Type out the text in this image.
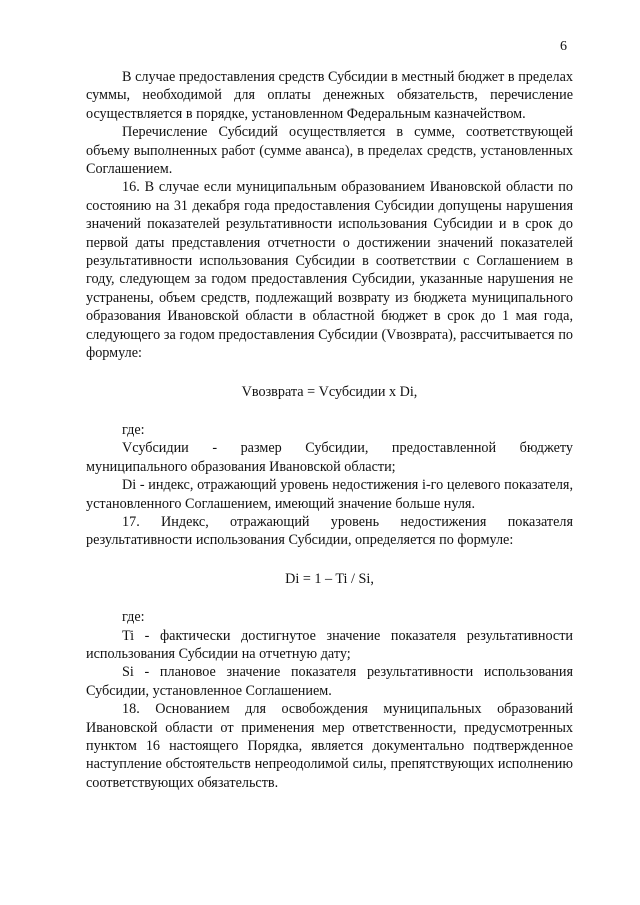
6

В случае предоставления средств Субсидии в местный бюджет в пределах суммы, необходимой для оплаты денежных обязательств, перечисление осуществляется в порядке, установленном Федеральным казначейством.

Перечисление Субсидий осуществляется в сумме, соответствующей объему выполненных работ (сумме аванса), в пределах средств, установленных Соглашением.

16. В случае если муниципальным образованием Ивановской области по состоянию на 31 декабря года предоставления Субсидии допущены нарушения значений показателей результативности использования Субсидии и в срок до первой даты представления отчетности о достижении значений показателей результативности использования Субсидии в соответствии с Соглашением в году, следующем за годом предоставления Субсидии, указанные нарушения не устранены, объем средств, подлежащий возврату из бюджета муниципального образования Ивановской области в областной бюджет в срок до 1 мая года, следующего за годом предоставления Субсидии (Vвозврата), рассчитывается по формуле:

Vвозврата = Vсубсидии x Di,

где:

Vсубсидии - размер Субсидии, предоставленной бюджету муниципального образования Ивановской области;

Di - индекс, отражающий уровень недостижения i-го целевого показателя, установленного Соглашением, имеющий значение больше нуля.

17. Индекс, отражающий уровень недостижения показателя результативности использования Субсидии, определяется по формуле:

Di = 1 – Ti / Si,

где:

Ti - фактически достигнутое значение показателя результативности использования Субсидии на отчетную дату;

Si - плановое значение показателя результативности использования Субсидии, установленное Соглашением.

18. Основанием для освобождения муниципальных образований Ивановской области от применения мер ответственности, предусмотренных пунктом 16 настоящего Порядка, является документально подтвержденное наступление обстоятельств непреодолимой силы, препятствующих исполнению соответствующих обязательств.
